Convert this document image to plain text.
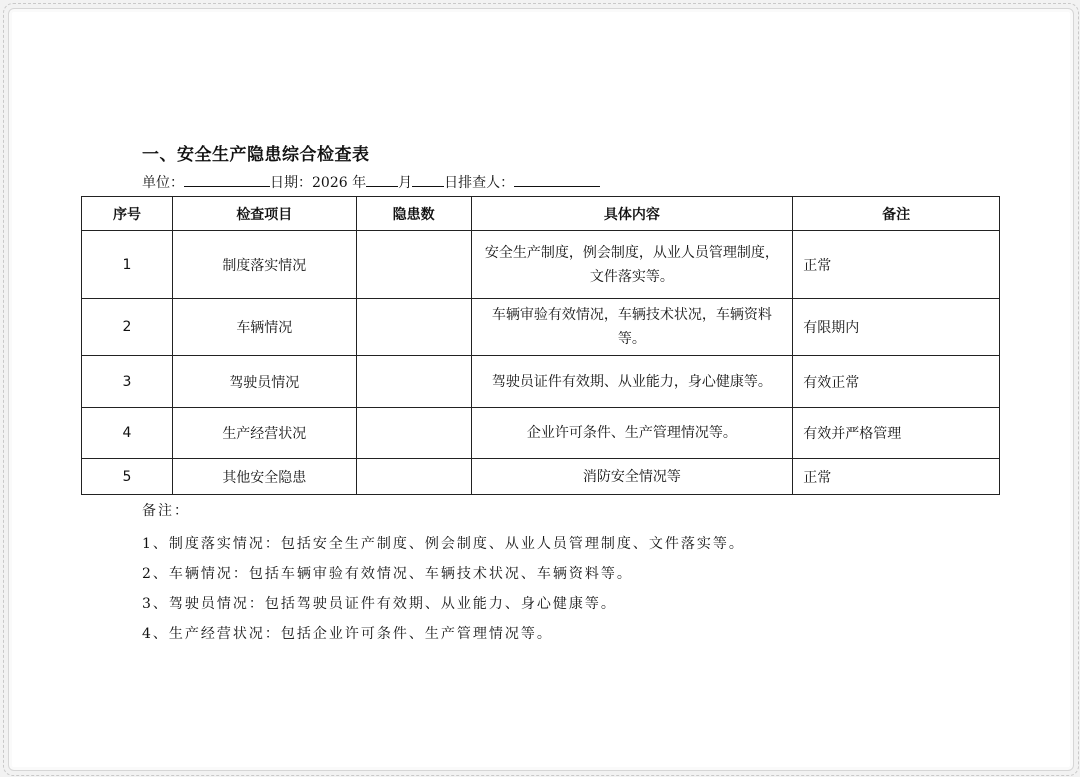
一、安全生产隐患综合检查表
单位：	日期：2026 年 月 日排查人：
序号	检查项目	隐患数	具体内容	备注
1	制度落实情况		安全生产制度，例会制度，从业人员管理制度，文件落实等。	正常
2	车辆情况		车辆审验有效情况，车辆技术状况，车辆资料等。	有限期内
3	驾驶员情况		驾驶员证件有效期、从业能力，身心健康等。	有效正常
4	生产经营状况		企业许可条件、生产管理情况等。	有效并严格管理
5	其他安全隐患		消防安全情况等	正常
备注：
1、制度落实情况：包括安全生产制度、例会制度、从业人员管理制度、文件落实等。
2、车辆情况：包括车辆审验有效情况、车辆技术状况、车辆资料等。
3、驾驶员情况：包括驾驶员证件有效期、从业能力、身心健康等。
4、生产经营状况：包括企业许可条件、生产管理情况等。
